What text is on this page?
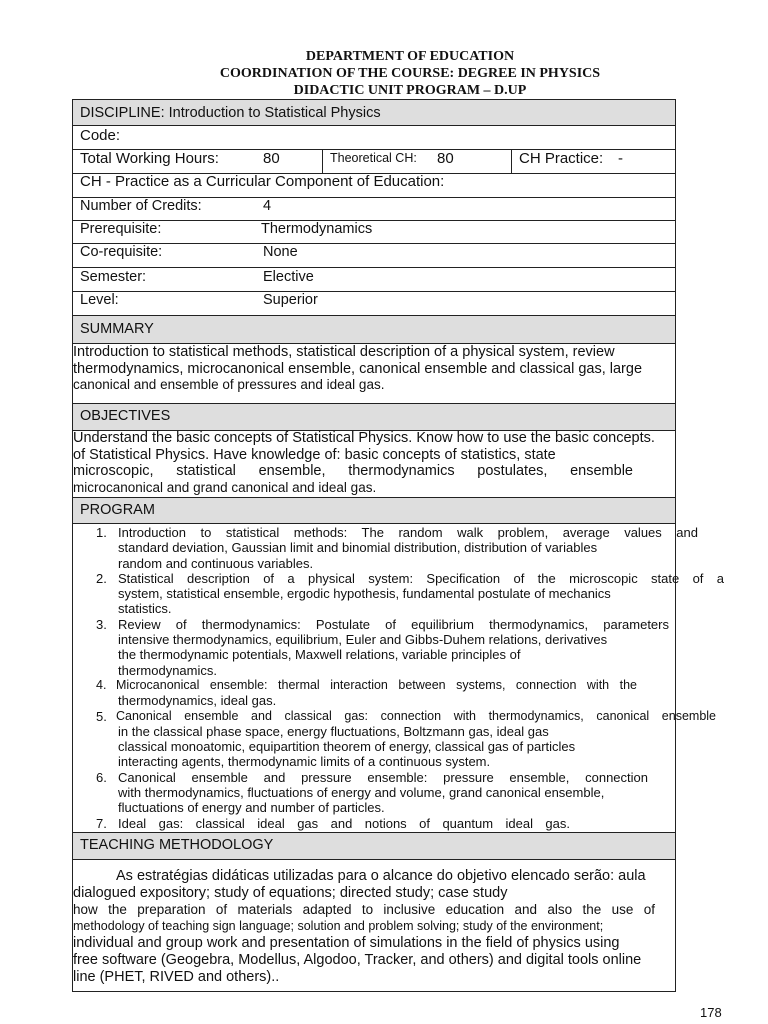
DEPARTMENT OF EDUCATION
COORDINATION OF THE COURSE: DEGREE IN PHYSICS
DIDACTIC UNIT PROGRAM – D.UP
DISCIPLINE: Introduction to Statistical Physics
Code:
Total Working Hours:	80	Theoretical CH: 80	CH Practice: -
CH - Practice as a Curricular Component of Education:
Number of Credits:	4
Prerequisite:	Thermodynamics
Co-requisite:	None
Semester:	Elective
Level:	Superior
SUMMARY
Introduction to statistical methods, statistical description of a physical system, review
thermodynamics, microcanonical ensemble, canonical ensemble and classical gas, large
canonical and ensemble of pressures and ideal gas.
OBJECTIVES
Understand the basic concepts of Statistical Physics. Know how to use the basic concepts.
of Statistical Physics. Have knowledge of: basic concepts of statistics, state
microscopic, statistical ensemble, thermodynamics postulates, ensemble
microcanonical and grand canonical and ideal gas.
PROGRAM
1. Introduction to statistical methods: The random walk problem, average values and
standard deviation, Gaussian limit and binomial distribution, distribution of variables
random and continuous variables.
2. Statistical description of a physical system: Specification of the microscopic state of a
system, statistical ensemble, ergodic hypothesis, fundamental postulate of mechanics
statistics.
3. Review of thermodynamics: Postulate of equilibrium thermodynamics, parameters
intensive thermodynamics, equilibrium, Euler and Gibbs-Duhem relations, derivatives
the thermodynamic potentials, Maxwell relations, variable principles of
thermodynamics.
4. Microcanonical ensemble: thermal interaction between systems, connection with the
thermodynamics, ideal gas.
5. Canonical ensemble and classical gas: connection with thermodynamics, canonical ensemble
in the classical phase space, energy fluctuations, Boltzmann gas, ideal gas
classical monoatomic, equipartition theorem of energy, classical gas of particles
interacting agents, thermodynamic limits of a continuous system.
6. Canonical ensemble and pressure ensemble: pressure ensemble, connection
with thermodynamics, fluctuations of energy and volume, grand canonical ensemble,
fluctuations of energy and number of particles.
7. Ideal gas: classical ideal gas and notions of quantum ideal gas.
TEACHING METHODOLOGY
As estratégias didáticas utilizadas para o alcance do objetivo elencado serão: aula
dialogued expository; study of equations; directed study; case study
how the preparation of materials adapted to inclusive education and also the use of
methodology of teaching sign language; solution and problem solving; study of the environment;
individual and group work and presentation of simulations in the field of physics using
free software (Geogebra, Modellus, Algodoo, Tracker, and others) and digital tools online
line (PHET, RIVED and others)..
178
